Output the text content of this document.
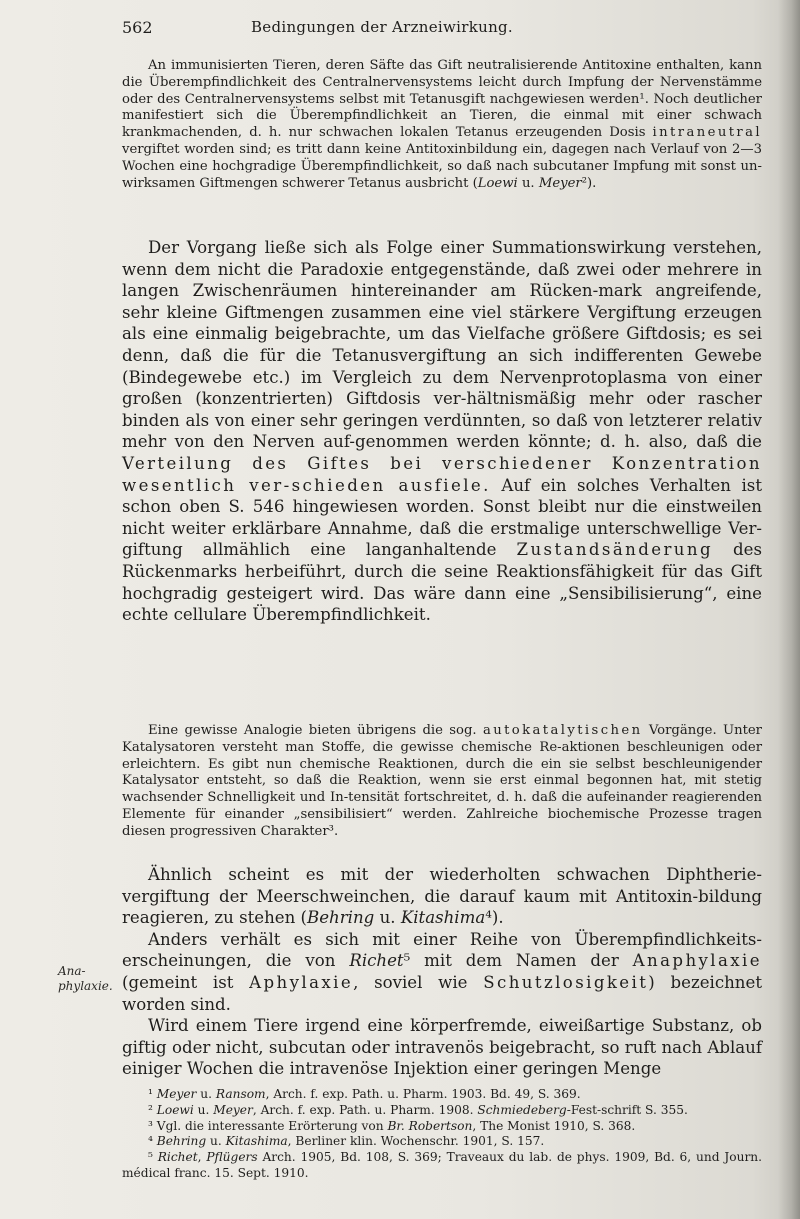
562	Bedingungen der Arzneiwirkung.
Ana-phylaxie.

An immunisierten Tieren, deren Säfte das Gift neutralisierende Antitoxine enthalten, kann die Überempfindlichkeit des Centralnervensystems leicht durch Impfung der Nervenstämme oder des Centralnervensystems selbst mit Tetanusgift nachgewiesen werden¹. Noch deutlicher manifestiert sich die Überempfindlichkeit an Tieren, die einmal mit einer schwach krankmachenden, d. h. nur schwachen lokalen Tetanus erzeugenden Dosis intraneutral vergiftet worden sind; es tritt dann keine Antitoxinbildung ein, dagegen nach Verlauf von 2—3 Wochen eine hochgradige Überempfindlichkeit, so daß nach subcutaner Impfung mit sonst un-wirksamen Giftmengen schwerer Tetanus ausbricht (Loewi u. Meyer²).

Der Vorgang ließe sich als Folge einer Summationswirkung verstehen, wenn dem nicht die Paradoxie entgegenstände, daß zwei oder mehrere in langen Zwischenräumen hintereinander am Rücken-mark angreifende, sehr kleine Giftmengen zusammen eine viel stärkere Vergiftung erzeugen als eine einmalig beigebrachte, um das Vielfache größere Giftdosis; es sei denn, daß die für die Tetanusvergiftung an sich indifferenten Gewebe (Bindegewebe etc.) im Vergleich zu dem Nervenprotoplasma von einer großen (konzentrierten) Giftdosis ver-hältnismäßig mehr oder rascher binden als von einer sehr geringen verdünnten, so daß von letzterer relativ mehr von den Nerven auf-genommen werden könnte; d. h. also, daß die Verteilung des Giftes bei verschiedener Konzentration wesentlich ver-schieden ausfiele. Auf ein solches Verhalten ist schon oben S. 546 hingewiesen worden. Sonst bleibt nur die einstweilen nicht weiter erklärbare Annahme, daß die erstmalige unterschwellige Ver-giftung allmählich eine langanhaltende Zustandsänderung des Rückenmarks herbeiführt, durch die seine Reaktionsfähigkeit für das Gift hochgradig gesteigert wird. Das wäre dann eine „Sensibilisierung“, eine echte cellulare Überempfindlichkeit.

Eine gewisse Analogie bieten übrigens die sog. autokatalytischen Vorgänge. Unter Katalysatoren versteht man Stoffe, die gewisse chemische Re-aktionen beschleunigen oder erleichtern. Es gibt nun chemische Reaktionen, durch die ein sie selbst beschleunigender Katalysator entsteht, so daß die Reaktion, wenn sie erst einmal begonnen hat, mit stetig wachsender Schnelligkeit und In-tensität fortschreitet, d. h. daß die aufeinander reagierenden Elemente für einander „sensibilisiert“ werden. Zahlreiche biochemische Prozesse tragen diesen progressiven Charakter³.

Ähnlich scheint es mit der wiederholten schwachen Diphtherie-vergiftung der Meerschweinchen, die darauf kaum mit Antitoxin-bildung reagieren, zu stehen (Behring u. Kitashima⁴).

Anders verhält es sich mit einer Reihe von Überempfindlichkeits-erscheinungen, die von Richet⁵ mit dem Namen der Anaphylaxie (gemeint ist Aphylaxie, soviel wie Schutzlosigkeit) bezeichnet worden sind.

Wird einem Tiere irgend eine körperfremde, eiweißartige Substanz, ob giftig oder nicht, subcutan oder intravenös beigebracht, so ruft nach Ablauf einiger Wochen die intravenöse Injektion einer geringen Menge

¹ Meyer u. Ransom, Arch. f. exp. Path. u. Pharm. 1903. Bd. 49, S. 369.

² Loewi u. Meyer, Arch. f. exp. Path. u. Pharm. 1908. Schmiedeberg-Fest-schrift S. 355.

³ Vgl. die interessante Erörterung von Br. Robertson, The Monist 1910, S. 368.

⁴ Behring u. Kitashima, Berliner klin. Wochenschr. 1901, S. 157.

⁵ Richet, Pflügers Arch. 1905, Bd. 108, S. 369; Traveaux du lab. de phys. 1909, Bd. 6, und Journ. médical franc. 15. Sept. 1910.
